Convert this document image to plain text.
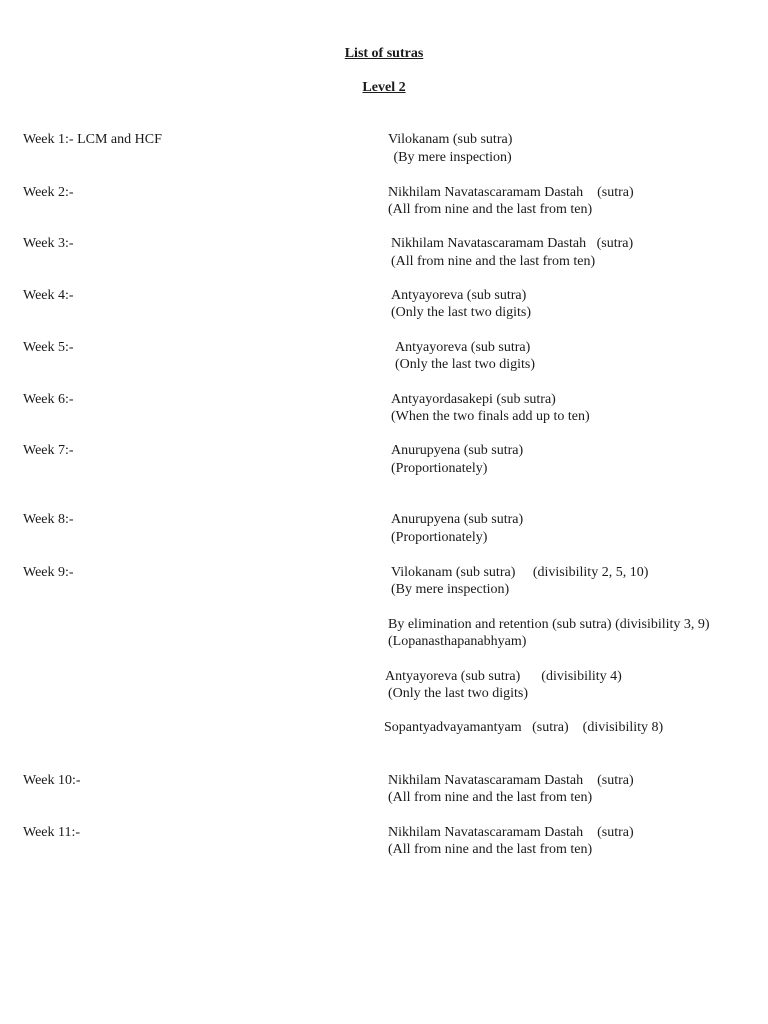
List of sutras
Level 2
Week 1:- LCM and HCF	Vilokanam (sub sutra)
(By mere inspection)
Week 2:-	Nikhilam Navatascaramam Dastah    (sutra)
(All from nine and the last from ten)
Week 3:-	Nikhilam Navatascaramam Dastah   (sutra)
(All from nine and the last from ten)
Week 4:-	Antyayoreva (sub sutra)
(Only the last two digits)
Week 5:-	Antyayoreva (sub sutra)
(Only the last two digits)
Week 6:-	Antyayordasakepi (sub sutra)
(When the two finals add up to ten)
Week 7:-	Anurupyena (sub sutra)
(Proportionately)
Week 8:-	Anurupyena (sub sutra)
(Proportionately)
Week 9:-	Vilokanam (sub sutra)     (divisibility 2, 5, 10)
(By mere inspection)
By elimination and retention (sub sutra) (divisibility 3, 9)
(Lopanasthapanabhyam)
Antyayoreva (sub sutra)      (divisibility 4)
(Only the last two digits)
Sopantyadvayamantyam   (sutra)    (divisibility 8)
Week 10:-	Nikhilam Navatascaramam Dastah    (sutra)
(All from nine and the last from ten)
Week 11:-	Nikhilam Navatascaramam Dastah    (sutra)
(All from nine and the last from ten)
